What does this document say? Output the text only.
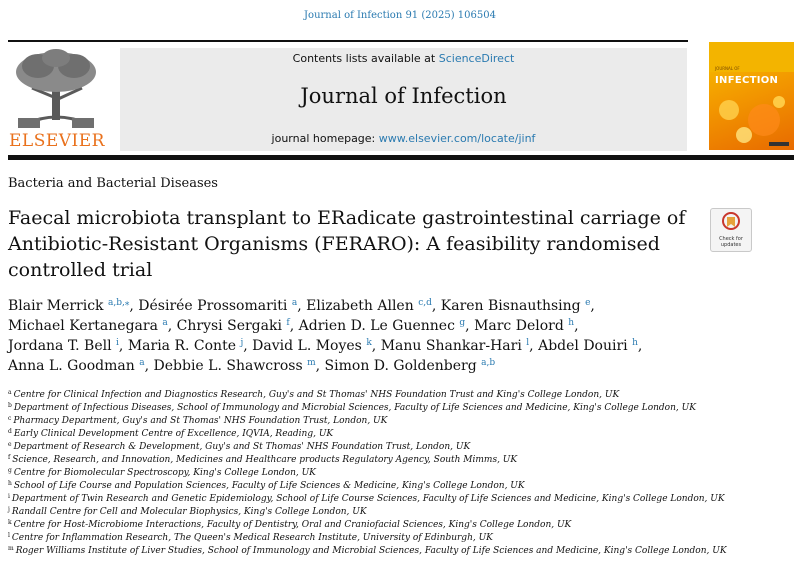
Journal of Infection 91 (2025) 106504
ELSEVIER
Contents lists available at ScienceDirect
Journal of Infection
journal homepage: www.elsevier.com/locate/jinf
JOURNAL OF
INFECTION
Bacteria and Bacterial Diseases
Faecal microbiota transplant to ERadicate gastrointestinal carriage of Antibiotic-Resistant Organisms (FERARO): A feasibility randomised controlled trial
Check for
updates
Blair Merrick $^{a,b,⁎}$, Désirée Prossomariti $^a$, Elizabeth Allen $^{c,d}$, Karen Bisnauthsing $^e$,
Michael Kertanegara $^a$, Chrysi Sergaki $^f$, Adrien D. Le Guennec $^g$, Marc Delord $^h$,
Jordana T. Bell $^i$, Maria R. Conte $^j$, David L. Moyes $^k$, Manu Shankar-Hari $^l$, Abdel Douiri $^h$,
Anna L. Goodman $^a$, Debbie L. Shawcross $^m$, Simon D. Goldenberg $^{a,b}$
$^a$ Centre for Clinical Infection and Diagnostics Research, Guy's and St Thomas' NHS Foundation Trust and King's College London, UK
$^b$ Department of Infectious Diseases, School of Immunology and Microbial Sciences, Faculty of Life Sciences and Medicine, King's College London, UK
$^c$ Pharmacy Department, Guy's and St Thomas' NHS Foundation Trust, London, UK
$^d$ Early Clinical Development Centre of Excellence, IQVIA, Reading, UK
$^e$ Department of Research & Development, Guy's and St Thomas' NHS Foundation Trust, London, UK
$^f$ Science, Research, and Innovation, Medicines and Healthcare products Regulatory Agency, South Mimms, UK
$^g$ Centre for Biomolecular Spectroscopy, King's College London, UK
$^h$ School of Life Course and Population Sciences, Faculty of Life Sciences & Medicine, King's College London, UK
$^i$ Department of Twin Research and Genetic Epidemiology, School of Life Course Sciences, Faculty of Life Sciences and Medicine, King's College London, UK
$^j$ Randall Centre for Cell and Molecular Biophysics, King's College London, UK
$^k$ Centre for Host-Microbiome Interactions, Faculty of Dentistry, Oral and Craniofacial Sciences, King's College London, UK
$^l$ Centre for Inflammation Research, The Queen's Medical Research Institute, University of Edinburgh, UK
$^m$ Roger Williams Institute of Liver Studies, School of Immunology and Microbial Sciences, Faculty of Life Sciences and Medicine, King's College London, UK
